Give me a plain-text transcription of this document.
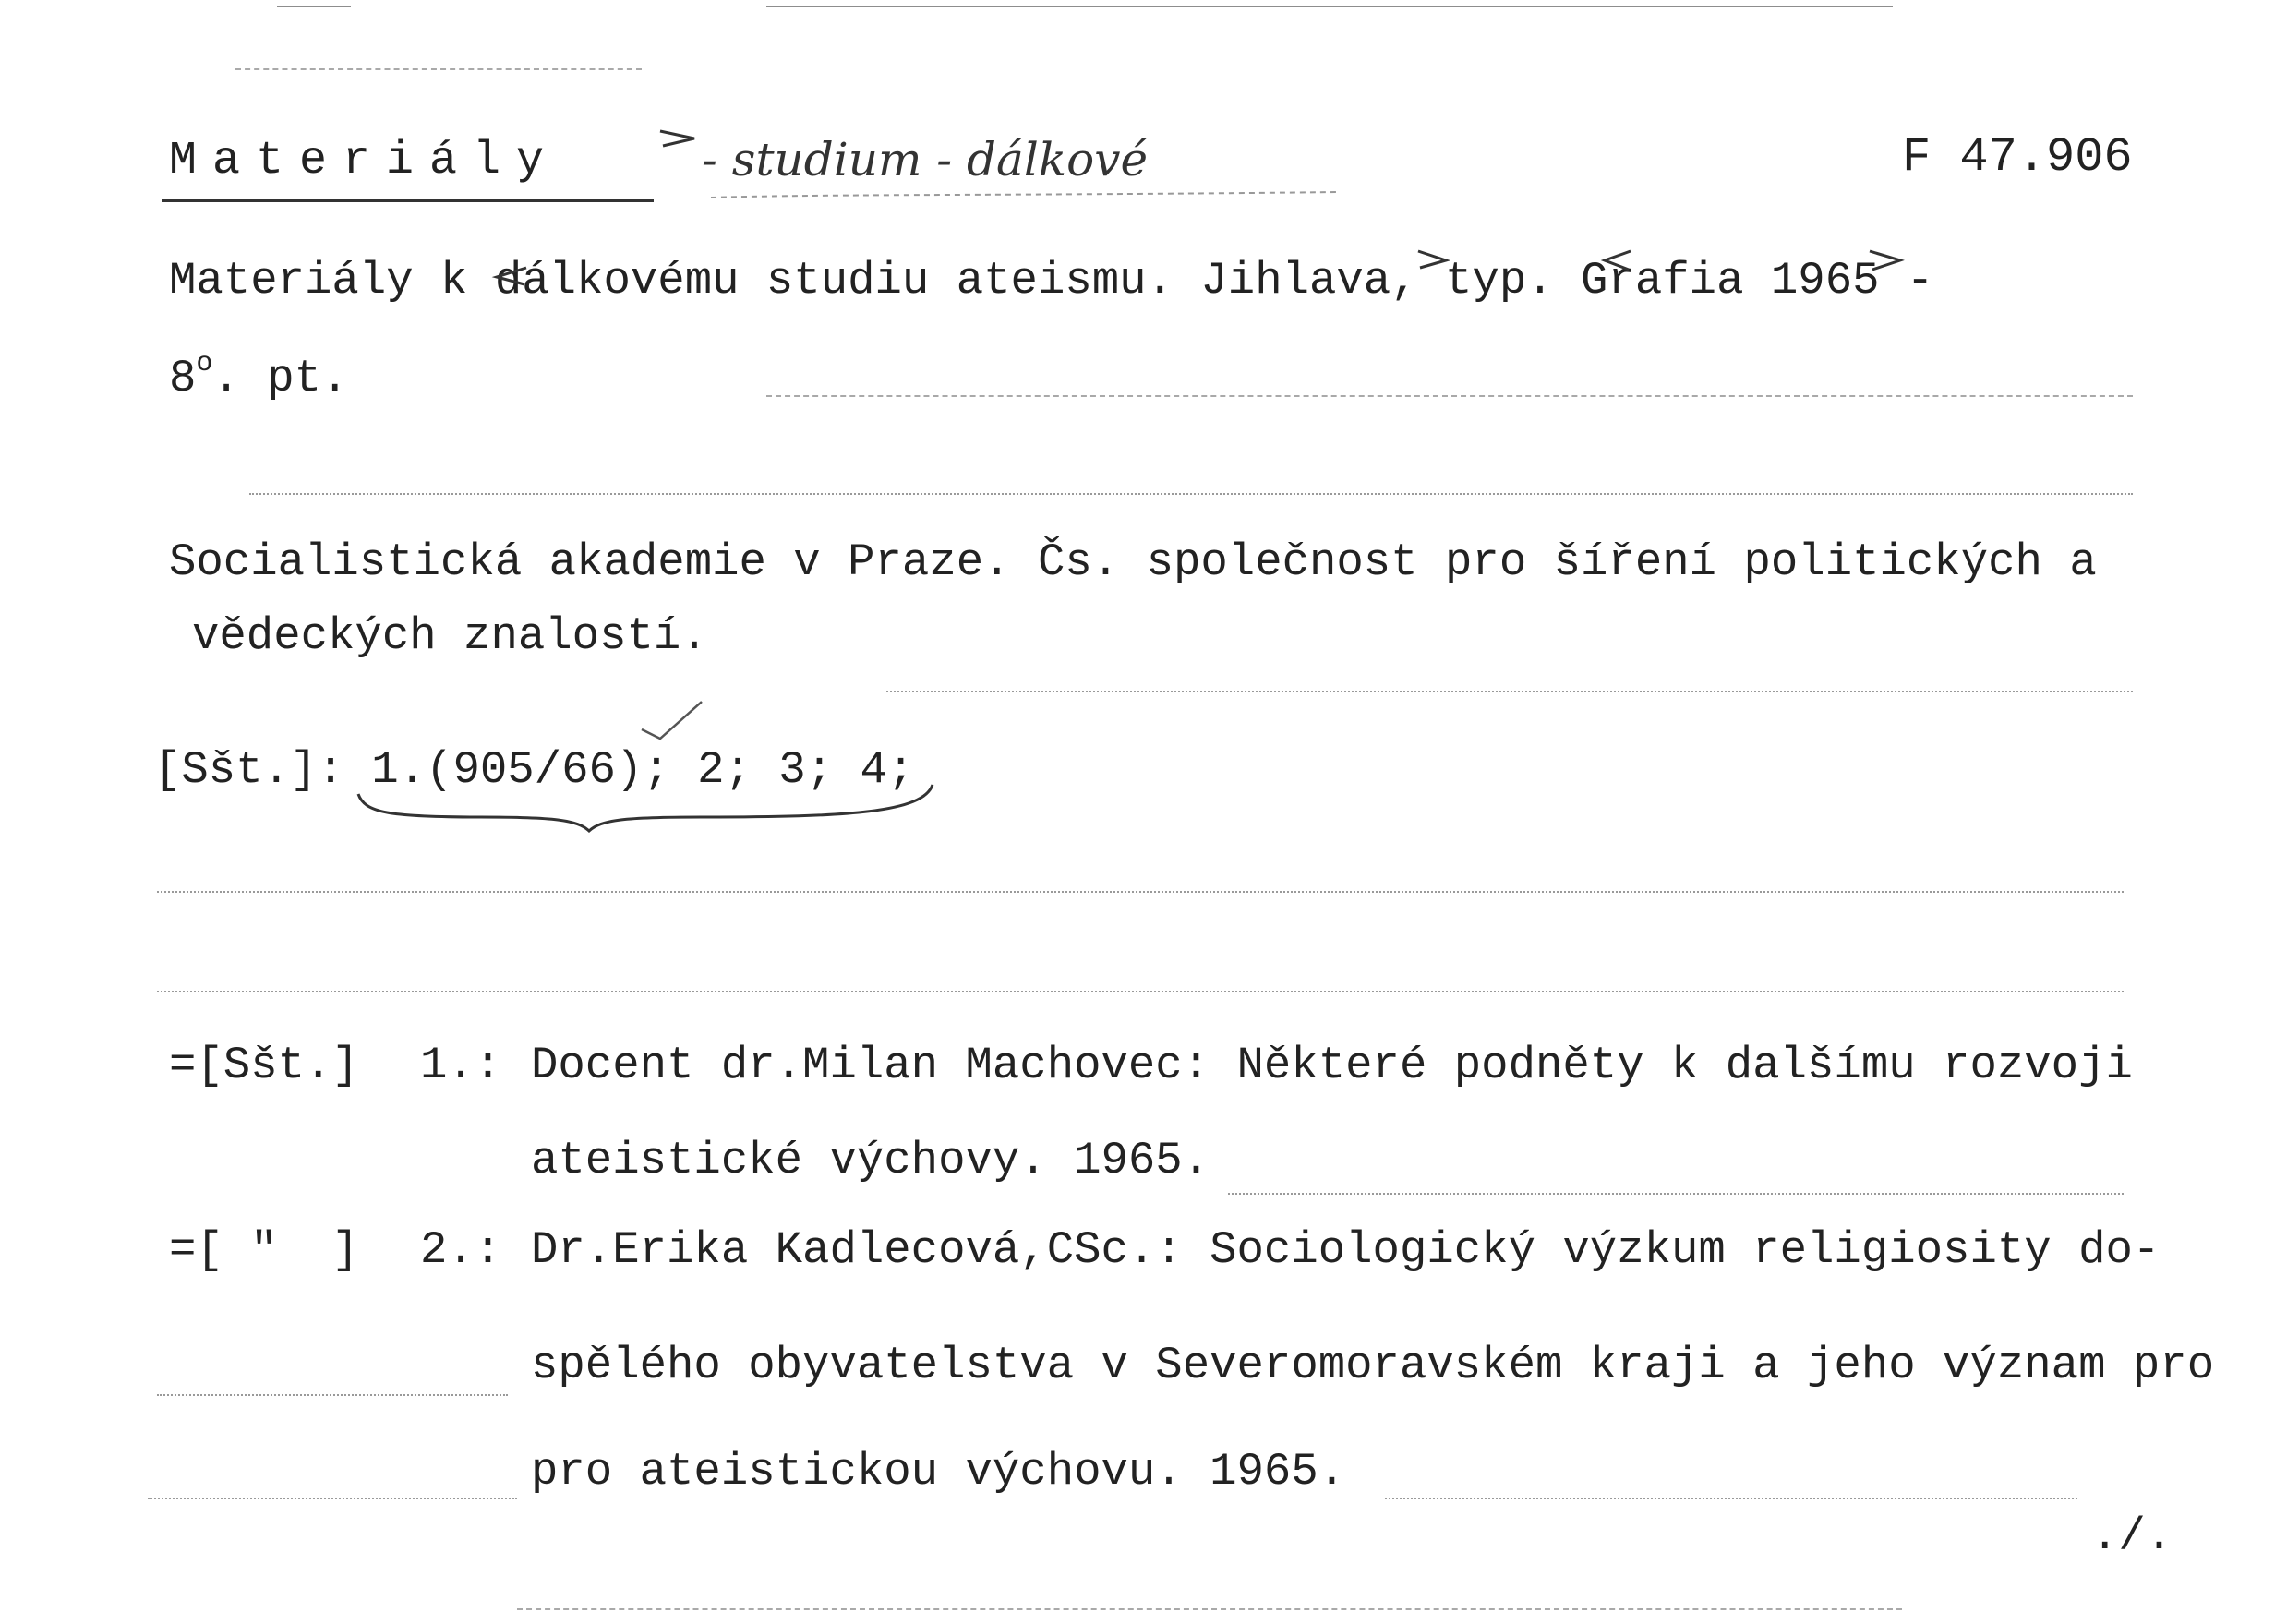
Materiály	- studium - dálkové	F 47.906
Materiály k dálkovému studiu ateismu. Jihlava, typ. Grafia 1965 -
8$^o$. pt.
Socialistická akademie v Praze. Čs. společnost pro šíření politických a
vědeckých znalostí.
[Sšt.]: 1.(905/66); 2; 3; 4;
=[Sšt.] 1.: Docent dr.Milan Machovec: Některé podněty k dalšímu rozvoji
ateistické výchovy. 1965.
=[ "  ] 2.: Dr.Erika Kadlecová,CSc.: Sociologický výzkum religiosity do-
spělého obyvatelstva v Severomoravském kraji a jeho význam pro
pro ateistickou výchovu. 1965.
./.
